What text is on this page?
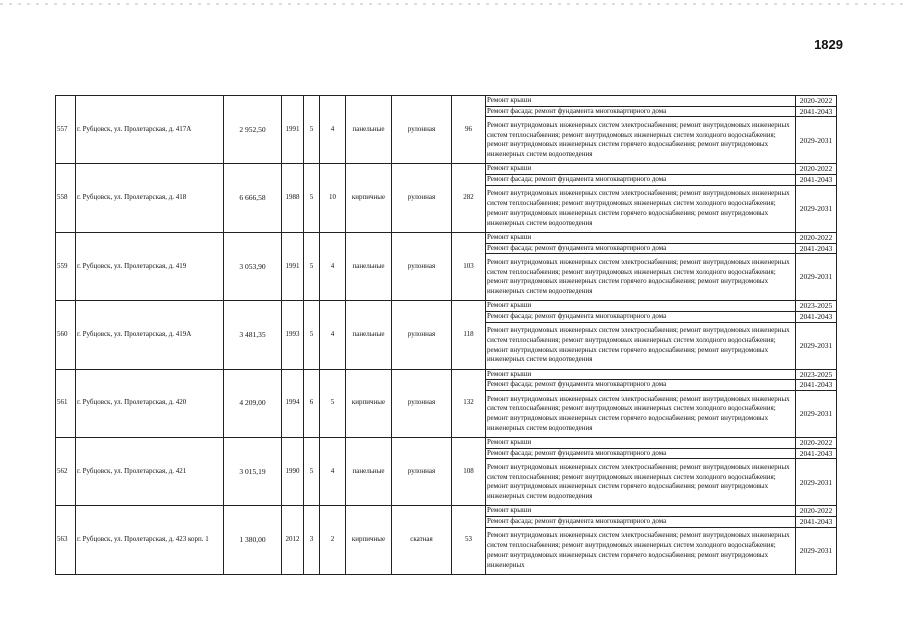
1829
557	г. Рубцовск, ул. Пролетарская, д. 417А	2 952,50	1991	5	4	панельные	рулонная	96	Ремонт крыши	2020-2022
									Ремонт фасада; ремонт фундамента многоквартирного дома	2041-2043
									Ремонт внутридомовых инженерных систем электроснабжения; ремонт внутридомовых инженерных систем теплоснабжения; ремонт внутридомовых инженерных систем холодного водоснабжения; ремонт внутридомовых инженерных систем горячего водоснабжения; ремонт внутридомовых инженерных систем водоотведения	2029-2031
558	г. Рубцовск, ул. Пролетарская, д. 418	6 666,58	1988	5	10	кирпичные	рулонная	282	Ремонт крыши	2020-2022
									Ремонт фасада; ремонт фундамента многоквартирного дома	2041-2043
									Ремонт внутридомовых инженерных систем электроснабжения; ремонт внутридомовых инженерных систем теплоснабжения; ремонт внутридомовых инженерных систем холодного водоснабжения; ремонт внутридомовых инженерных систем горячего водоснабжения; ремонт внутридомовых инженерных систем водоотведения	2029-2031
559	г. Рубцовск, ул. Пролетарская, д. 419	3 053,90	1991	5	4	панельные	рулонная	103	Ремонт крыши	2020-2022
									Ремонт фасада; ремонт фундамента многоквартирного дома	2041-2043
									Ремонт внутридомовых инженерных систем электроснабжения; ремонт внутридомовых инженерных систем теплоснабжения; ремонт внутридомовых инженерных систем холодного водоснабжения; ремонт внутридомовых инженерных систем горячего водоснабжения; ремонт внутридомовых инженерных систем водоотведения	2029-2031
560	г. Рубцовск, ул. Пролетарская, д. 419А	3 481,35	1993	5	4	панельные	рулонная	118	Ремонт крыши	2023-2025
									Ремонт фасада; ремонт фундамента многоквартирного дома	2041-2043
									Ремонт внутридомовых инженерных систем электроснабжения; ремонт внутридомовых инженерных систем теплоснабжения; ремонт внутридомовых инженерных систем холодного водоснабжения; ремонт внутридомовых инженерных систем горячего водоснабжения; ремонт внутридомовых инженерных систем водоотведения	2029-2031
561	г. Рубцовск, ул. Пролетарская, д. 420	4 209,00	1994	6	5	кирпичные	рулонная	132	Ремонт крыши	2023-2025
									Ремонт фасада; ремонт фундамента многоквартирного дома	2041-2043
									Ремонт внутридомовых инженерных систем электроснабжения; ремонт внутридомовых инженерных систем теплоснабжения; ремонт внутридомовых инженерных систем холодного водоснабжения; ремонт внутридомовых инженерных систем горячего водоснабжения; ремонт внутридомовых инженерных систем водоотведения	2029-2031
562	г. Рубцовск, ул. Пролетарская, д. 421	3 015,19	1990	5	4	панельные	рулонная	108	Ремонт крыши	2020-2022
									Ремонт фасада; ремонт фундамента многоквартирного дома	2041-2043
									Ремонт внутридомовых инженерных систем электроснабжения; ремонт внутридомовых инженерных систем теплоснабжения; ремонт внутридомовых инженерных систем холодного водоснабжения; ремонт внутридомовых инженерных систем горячего водоснабжения; ремонт внутридомовых инженерных систем водоотведения	2029-2031
563	г. Рубцовск, ул. Пролетарская, д. 423 корп. 1	1 380,00	2012	3	2	кирпичные	скатная	53	Ремонт крыши	2020-2022
									Ремонт фасада; ремонт фундамента многоквартирного дома	2041-2043
									Ремонт внутридомовых инженерных систем электроснабжения; ремонт внутридомовых инженерных систем теплоснабжения; ремонт внутридомовых инженерных систем холодного водоснабжения; ремонт внутридомовых инженерных систем горячего водоснабжения; ремонт внутридомовых инженерных	2029-2031
